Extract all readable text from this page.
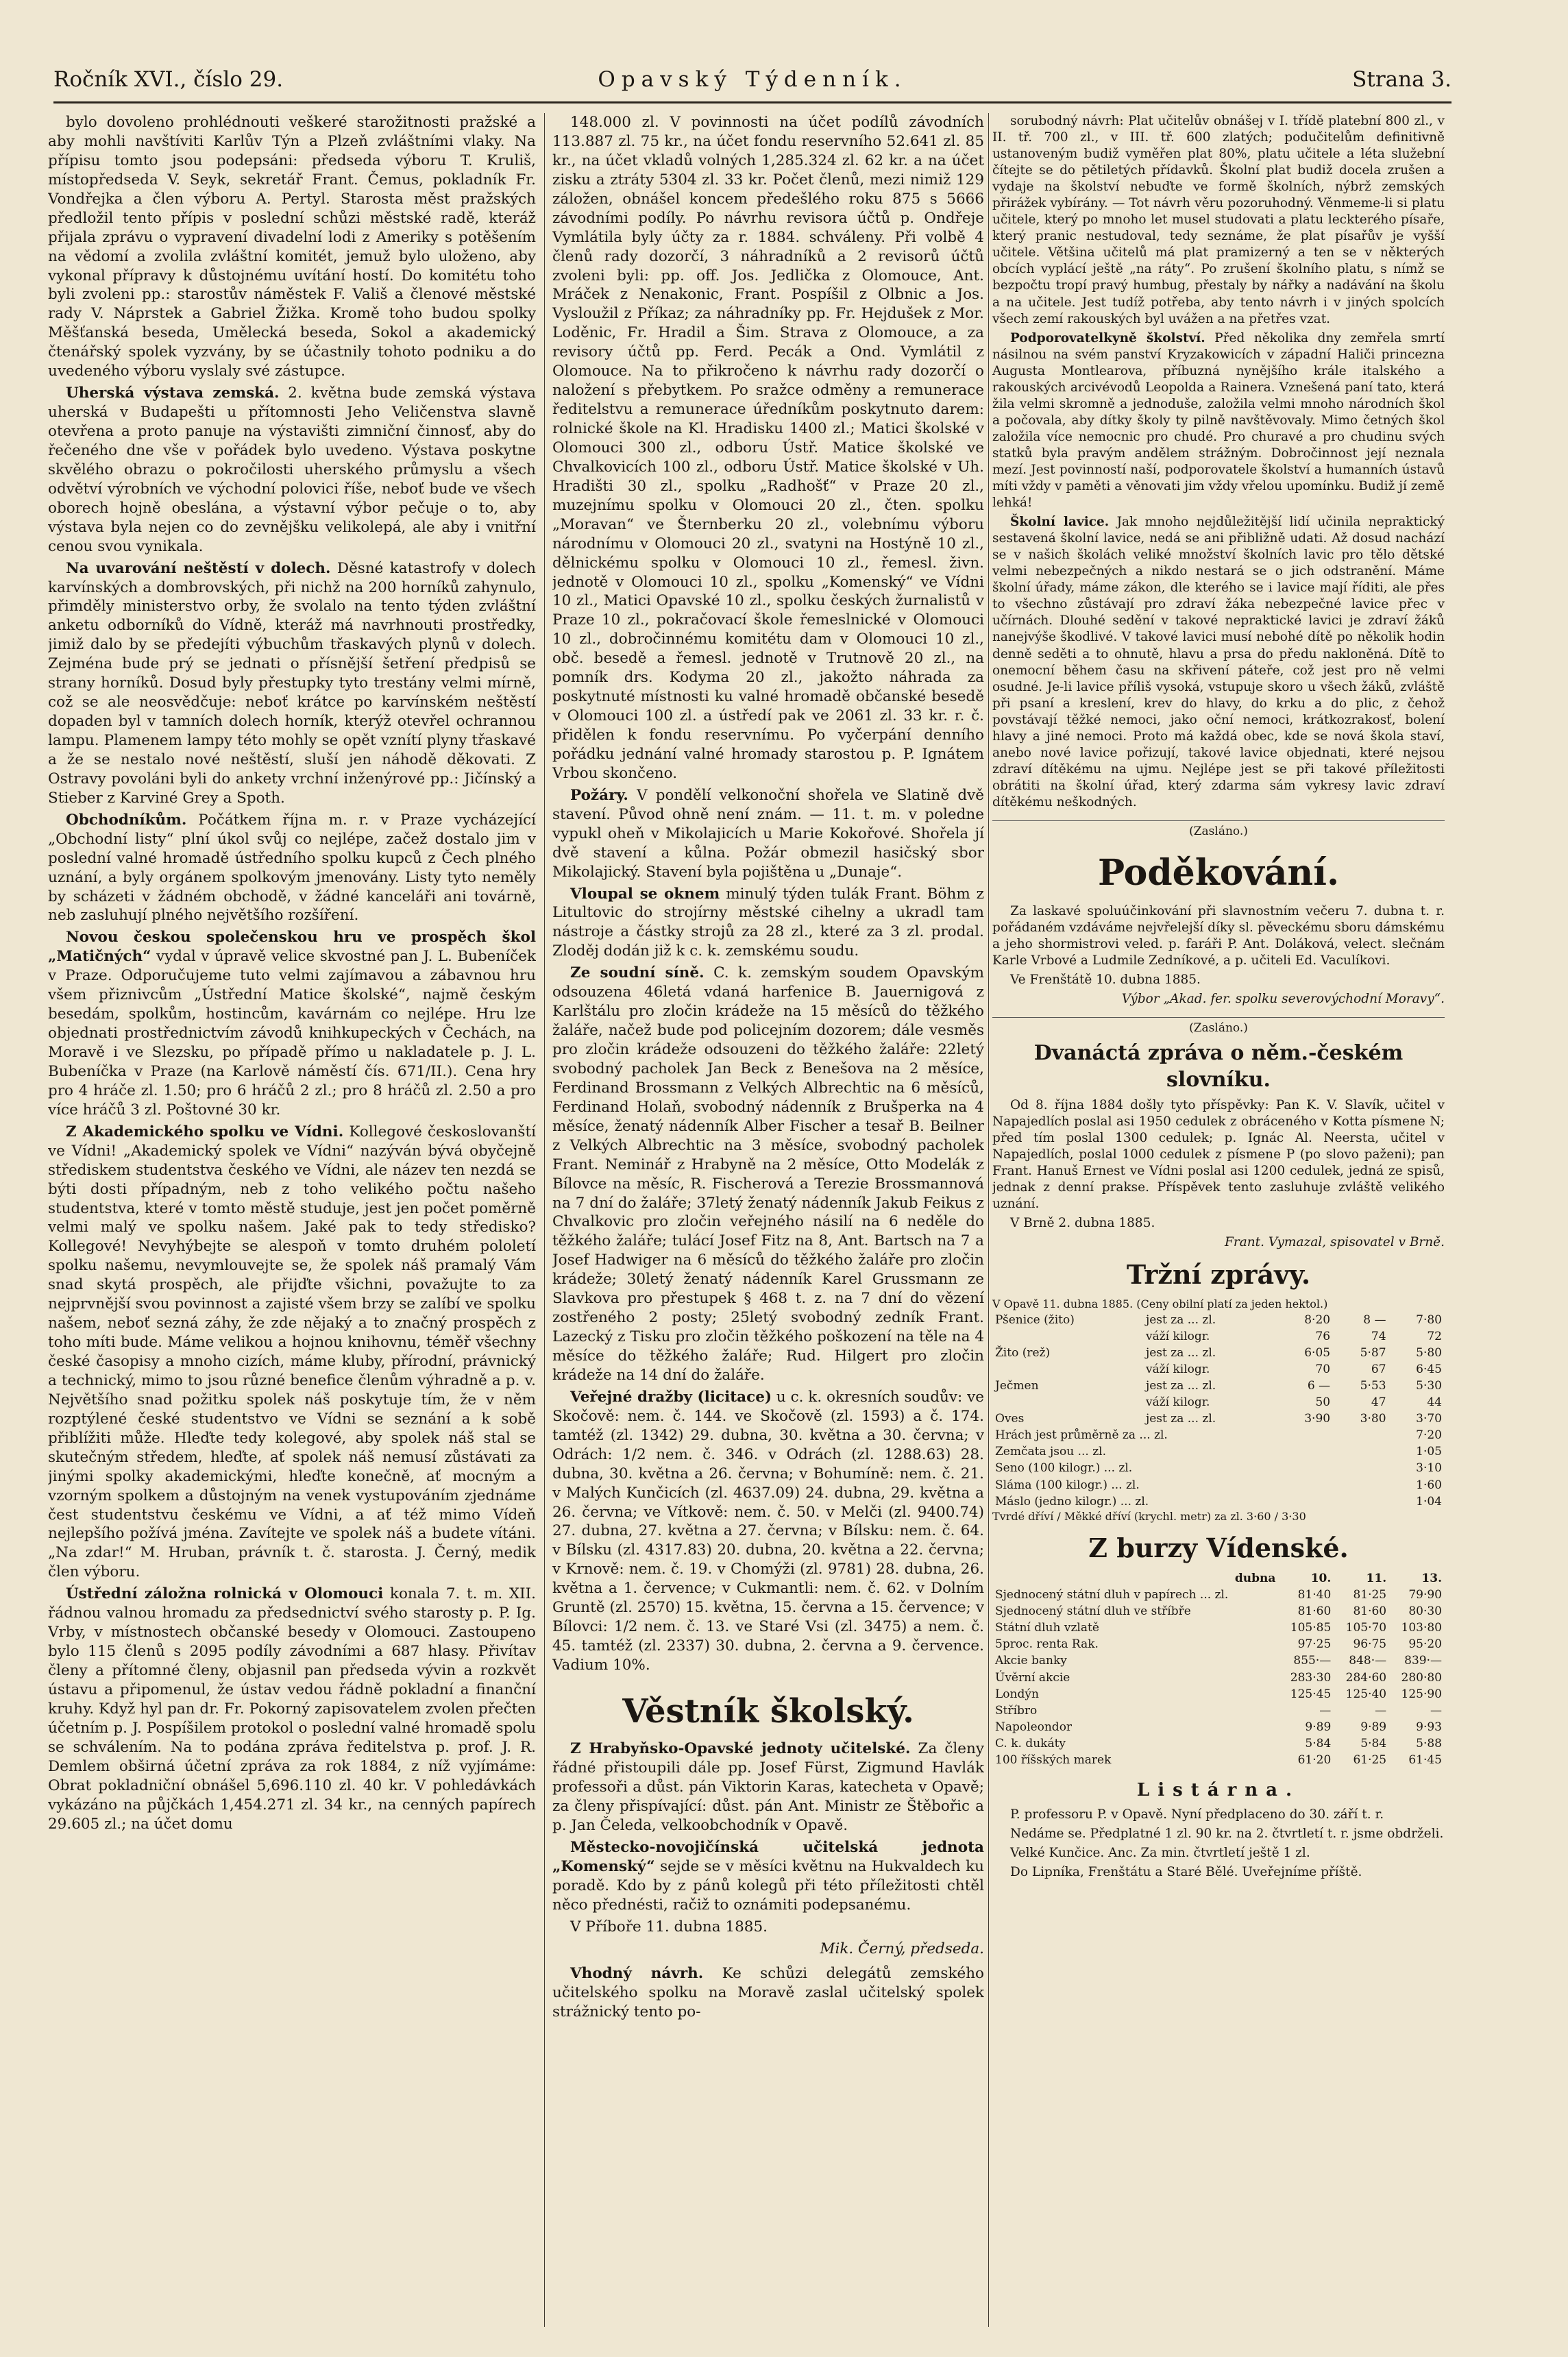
Ročník XVI., číslo 29.	Opavský Týdenník.	Strana 3.

bylo dovoleno prohlédnouti veškeré starožitnosti pražské a aby mohli navštíviti Karlův Týn a Plzeň zvláštními vlaky. Na přípisu tomto jsou podepsáni: předseda výboru T. Kruliš, místopředseda V. Seyk, sekretář Frant. Čemus, pokladník Fr. Vondřejka a člen výboru A. Pertyl. Starosta měst pražských předložil tento přípis v poslední schůzi městské radě, kteráž přijala zprávu o vypravení divadelní lodi z Ameriky s potěšením na vědomí a zvolila zvláštní komitét, jemuž bylo uloženo, aby vykonal přípravy k důstojnému uvítání hostí. Do komitétu toho byli zvoleni pp.: starostův náměstek F. Vališ a členové městské rady V. Náprstek a Gabriel Žižka. Kromě toho budou spolky Měšťanská beseda, Umělecká beseda, Sokol a akademický čtenářský spolek vyzvány, by se účastnily tohoto podniku a do uvedeného výboru vyslaly své zástupce.

Uherská výstava zemská. 2. května bude zemská výstava uherská v Budapešti u přítomnosti Jeho Veličenstva slavně otevřena a proto panuje na výstavišti zimniční činnosť, aby do řečeného dne vše v pořádek bylo uvedeno. Výstava poskytne skvělého obrazu o pokročilosti uherského průmyslu a všech odvětví výrobních ve východní polovici říše, neboť bude ve všech oborech hojně obeslána, a výstavní výbor pečuje o to, aby výstava byla nejen co do zevnějšku velikolepá, ale aby i vnitřní cenou svou vynikala.

Na uvarování neštěstí v dolech. Děsné katastrofy v dolech karvínských a dombrovských, při nichž na 200 horníků zahynulo, přimděly ministerstvo orby, že svolalo na tento týden zvláštní anketu odborníků do Vídně, kteráž má navrhnouti prostředky, jimiž dalo by se předejíti výbuchům třaskavých plynů v dolech. Zejména bude prý se jednati o přísnější šetření předpisů se strany horníků. Dosud byly přestupky tyto trestány velmi mírně, což se ale neosvědčuje: neboť krátce po karvínském neštěstí dopaden byl v tamních dolech horník, kterýž otevřel ochrannou lampu. Plamenem lampy této mohly se opět vznítí plyny třaskavé a že se nestalo nové neštěstí, sluší jen náhodě děkovati. Z Ostravy povoláni byli do ankety vrchní inženýrové pp.: Jičínský a Stieber z Karviné Grey a Spoth.

Obchodníkům. Počátkem října m. r. v Praze vycházející „Obchodní listy“ plní úkol svůj co nejlépe, začež dostalo jim v poslední valné hromadě ústředního spolku kupců z Čech plného uznání, a byly orgánem spolkovým jmenovány. Listy tyto neměly by scházeti v žádném obchodě, v žádné kanceláři ani továrně, neb zasluhují plného největšího rozšíření.

Novou českou společenskou hru ve prospěch škol „Matičných“ vydal v úpravě velice skvostné pan J. L. Bubeníček v Praze. Odporučujeme tuto velmi zajímavou a zábavnou hru všem přiznivcům „Ústřední Matice školské“, najmě českým besedám, spolkům, hostincům, kavárnám co nejlépe. Hru lze objednati prostřednictvím závodů knihkupeckých v Čechách, na Moravě i ve Slezsku, po případě přímo u nakladatele p. J. L. Bubeníčka v Praze (na Karlově náměstí čís. 671/II.). Cena hry pro 4 hráče zl. 1.50; pro 6 hráčů 2 zl.; pro 8 hráčů zl. 2.50 a pro více hráčů 3 zl. Poštovné 30 kr.

Z Akademického spolku ve Vídni. Kollegové českoslovanští ve Vídni! „Akademický spolek ve Vídni“ nazýván bývá obyčejně střediskem studentstva českého ve Vídni, ale název ten nezdá se býti dosti případným, neb z toho velikého počtu našeho studentstva, které v tomto městě studuje, jest jen počet poměrně velmi malý ve spolku našem. Jaké pak to tedy středisko? Kollegové! Nevyhýbejte se alespoň v tomto druhém pololetí spolku našemu, nevymlouvejte se, že spolek náš pramalý Vám snad skytá prospěch, ale přijďte všichni, považujte to za nejprvnější svou povinnost a zajisté všem brzy se zalíbí ve spolku našem, neboť sezná záhy, že zde nějaký a to značný prospěch z toho míti bude. Máme velikou a hojnou knihovnu, téměř všechny české časopisy a mnoho cizích, máme kluby, přírodní, právnický a technický, mimo to jsou různé benefice členům výhradně a p. v. Největšího snad požitku spolek náš poskytuje tím, že v něm rozptýlené české studentstvo ve Vídni se seznání a k sobě přiblížiti může. Hleďte tedy kolegové, aby spolek náš stal se skutečným středem, hleďte, ať spolek náš nemusí zůstávati za jinými spolky akademickými, hleďte konečně, ať mocným a vzorným spolkem a důstojným na venek vystupováním zjednáme čest studentstvu českému ve Vídni, a ať též mimo Vídeň nejlepšího požívá jména. Zavítejte ve spolek náš a budete vítáni. „Na zdar!“ M. Hruban, právník t. č. starosta. J. Černý, medik člen výboru.

Ústřední záložna rolnická v Olomouci konala 7. t. m. XII. řádnou valnou hromadu za předsednictví svého starosty p. P. Ig. Vrby, v místnostech občanské besedy v Olomouci. Zastoupeno bylo 115 členů s 2095 podíly závodními a 687 hlasy. Přivítav členy a přítomné členy, objasnil pan předseda vývin a rozkvět ústavu a připomenul, že ústav vedou řádně pokladní a finanční kruhy. Když hyl pan dr. Fr. Pokorný zapisovatelem zvolen přečten účetním p. J. Pospíšilem protokol o poslední valné hromadě spolu se schválením. Na to podána zpráva ředitelstva p. prof. J. R. Demlem obširná účetní zpráva za rok 1884, z níž vyjímáme: Obrat pokladniční obnášel 5,696.110 zl. 40 kr. V pohledávkách vykázáno na půjčkách 1,454.271 zl. 34 kr., na cenných papírech 29.605 zl.; na účet domu

148.000 zl. V povinnosti na účet podílů závodních 113.887 zl. 75 kr., na účet fondu reservního 52.641 zl. 85 kr., na účet vkladů volných 1,285.324 zl. 62 kr. a na účet zisku a ztráty 5304 zl. 33 kr. Počet členů, mezi nimiž 129 záložen, obnášel koncem předešlého roku 875 s 5666 závodními podíly. Po návrhu revisora účtů p. Ondřeje Vymlátila byly účty za r. 1884. schváleny. Při volbě 4 členů rady dozorčí, 3 náhradníků a 2 revisorů účtů zvoleni byli: pp. off. Jos. Jedlička z Olomouce, Ant. Mráček z Nenakonic, Frant. Pospíšil z Olbnic a Jos. Vysloužil z Příkaz; za náhradníky pp. Fr. Hejdušek z Mor. Loděnic, Fr. Hradil a Šim. Strava z Olomouce, a za revisory účtů pp. Ferd. Pecák a Ond. Vymlátil z Olomouce. Na to přikročeno k návrhu rady dozorčí o naložení s přebytkem. Po sražce odměny a remunerace ředitelstvu a remunerace úředníkům poskytnuto darem: rolnické škole na Kl. Hradisku 1400 zl.; Matici školské v Olomouci 300 zl., odboru Ústř. Matice školské ve Chvalkovicích 100 zl., odboru Ústř. Matice školské v Uh. Hradišti 30 zl., spolku „Radhošť“ v Praze 20 zl., muzejnímu spolku v Olomouci 20 zl., čten. spolku „Moravan“ ve Šternberku 20 zl., volebnímu výboru národnímu v Olomouci 20 zl., svatyni na Hostýně 10 zl., dělnickému spolku v Olomouci 10 zl., řemesl. živn. jednotě v Olomouci 10 zl., spolku „Komenský“ ve Vídni 10 zl., Matici Opavské 10 zl., spolku českých žurnalistů v Praze 10 zl., pokračovací škole řemeslnické v Olomouci 10 zl., dobročinnému komitétu dam v Olomouci 10 zl., obč. besedě a řemesl. jednotě v Trutnově 20 zl., na pomník drs. Kodyma 20 zl., jakožto náhrada za poskytnuté místnosti ku valné hromadě občanské besedě v Olomouci 100 zl. a ústředí pak ve 2061 zl. 33 kr. r. č. přidělen k fondu reservnímu. Po vyčerpání denního pořádku jednání valné hromady starostou p. P. Ignátem Vrbou skončeno.

Požáry. V pondělí velkonoční shořela ve Slatině dvě stavení. Původ ohně není znám. — 11. t. m. v poledne vypukl oheň v Mikolajicích u Marie Kokořové. Shořela jí dvě stavení a kůlna. Požár obmezil hasičský sbor Mikolajický. Stavení byla pojištěna u „Dunaje“.

Vloupal se oknem minulý týden tulák Frant. Böhm z Litultovic do strojírny městské cihelny a ukradl tam nástroje a částky strojů za 28 zl., které za 3 zl. prodal. Zloděj dodán již k c. k. zemskému soudu.

Ze soudní síně. C. k. zemským soudem Opavským odsouzena 46letá vdaná harfenice B. Jauernigová z Karlštálu pro zločin krádeže na 15 měsíců do těžkého žaláře, načež bude pod policejním dozorem; dále vesměs pro zločin krádeže odsouzeni do těžkého žaláře: 22letý svobodný pacholek Jan Beck z Benešova na 2 měsíce, Ferdinand Brossmann z Velkých Albrechtic na 6 měsíců, Ferdinand Holaň, svobodný nádenník z Brušperka na 4 měsíce, ženatý nádenník Alber Fischer a tesař B. Beilner z Velkých Albrechtic na 3 měsíce, svobodný pacholek Frant. Neminář z Hrabyně na 2 měsíce, Otto Modelák z Bílovce na měsíc, R. Fischerová a Terezie Brossmannová na 7 dní do žaláře; 37letý ženatý nádenník Jakub Feikus z Chvalkovic pro zločin veřejného násilí na 6 neděle do těžkého žaláře; tulácí Josef Fitz na 8, Ant. Bartsch na 7 a Josef Hadwiger na 6 měsíců do těžkého žaláře pro zločin krádeže; 30letý ženatý nádenník Karel Grussmann ze Slavkova pro přestupek § 468 t. z. na 7 dní do vězení zostřeného 2 posty; 25letý svobodný zedník Frant. Lazecký z Tisku pro zločin těžkého poškození na těle na 4 měsíce do těžkého žaláře; Rud. Hilgert pro zločin krádeže na 14 dní do žaláře.

Veřejné dražby (licitace) u c. k. okresních soudův: ve Skočově: nem. č. 144. ve Skočově (zl. 1593) a č. 174. tamtéž (zl. 1342) 29. dubna, 30. května a 30. června; v Odrách: 1/2 nem. č. 346. v Odrách (zl. 1288.63) 28. dubna, 30. května a 26. června; v Bohumíně: nem. č. 21. v Malých Kunčicích (zl. 4637.09) 24. dubna, 29. května a 26. června; ve Vítkově: nem. č. 50. v Melči (zl. 9400.74) 27. dubna, 27. května a 27. června; v Bílsku: nem. č. 64. v Bílsku (zl. 4317.83) 20. dubna, 20. května a 22. června; v Krnově: nem. č. 19. v Chomýži (zl. 9781) 28. dubna, 26. května a 1. července; v Cukmantli: nem. č. 62. v Dolním Gruntě (zl. 2570) 15. května, 15. června a 15. července; v Bílovci: 1/2 nem. č. 13. ve Staré Vsi (zl. 3475) a nem. č. 45. tamtéž (zl. 2337) 30. dubna, 2. června a 9. července. Vadium 10%.

Věstník školský.

Z Hrabyňsko-Opavské jednoty učitelské. Za členy řádné přistoupili dále pp. Josef Fürst, Zigmund Havlák professoři a důst. pán Viktorin Karas, katecheta v Opavě; za členy přispívající: důst. pán Ant. Ministr ze Štěbořic a p. Jan Čeleda, velkoobchodník v Opavě.

Městecko-novojičínská učitelská jednota „Komenský“ sejde se v měsíci květnu na Hukvaldech ku poradě. Kdo by z pánů kolegů při této příležitosti chtěl něco přednésti, račiž to oznámiti podepsanému.

V Příboře 11. dubna 1885.

Mik. Černý, předseda.

Vhodný návrh. Ke schůzi delegátů zemského učitelského spolku na Moravě zaslal učitelský spolek strážnický tento po-

sorubodný návrh: Plat učitelův obnášej v I. třídě platební 800 zl., v II. tř. 700 zl., v III. tř. 600 zlatých; podučitelům definitivně ustanoveným budiž vyměřen plat 80%, platu učitele a léta služební čítejte se do pětiletých přídavků. Školní plat budiž docela zrušen a vydaje na školství nebuďte ve formě školních, nýbrž zemských přirážek vybírány. — Tot návrh věru pozoruhodný. Věnmeme-li si platu učitele, který po mnoho let musel studovati a platu leckterého písaře, který pranic nestudoval, tedy seznáme, že plat písařův je vyšší učitele. Většina učitelů má plat pramizerný a ten se v některých obcích vyplácí ještě „na ráty“. Po zrušení školního platu, s nímž se bezpočtu tropí pravý humbug, přestaly by nářky a nadávání na školu a na učitele. Jest tudíž potřeba, aby tento návrh i v jiných spolcích všech zemí rakouských byl uvážen a na přetřes vzat.

Podporovatelkyně školství. Před několika dny zemřela smrtí násilnou na svém panství Kryzakowicích v západní Haliči princezna Augusta Montlearova, příbuzná nynějšího krále italského a rakouských arcivévodů Leopolda a Rainera. Vznešená paní tato, která žila velmi skromně a jednoduše, založila velmi mnoho národních škol a počovala, aby dítky školy ty pilně navštěvovaly. Mimo četných škol založila více nemocnic pro chudé. Pro churavé a pro chudinu svých statků byla pravým andělem strážným. Dobročinnost její neznala mezí. Jest povinností naší, podporovatele školství a humanních ústavů míti vždy v paměti a věnovati jim vždy vřelou upomínku. Budiž jí země lehká!

Školní lavice. Jak mnoho nejdůležitější lidí učinila nepraktický sestavená školní lavice, nedá se ani přibližně udati. Až dosud nachází se v našich školách veliké množství školních lavic pro tělo dětské velmi nebezpečných a nikdo nestará se o jich odstranění. Máme školní úřady, máme zákon, dle kterého se i lavice mají říditi, ale přes to všechno zůstávají pro zdraví žáka nebezpečné lavice přec v učírnách. Dlouhé sedění v takové nepraktické lavici je zdraví žáků nanejvýše škodlivé. V takové lavici musí nebohé dítě po několik hodin denně seděti a to ohnutě, hlavu a prsa do předu nakloněná. Dítě to onemocní během času na skřivení páteře, což jest pro ně velmi osudné. Je-li lavice příliš vysoká, vstupuje skoro u všech žáků, zvláště při psaní a kreslení, krev do hlavy, do krku a do plic, z čehož povstávají těžké nemoci, jako oční nemoci, krátkozrakosť, bolení hlavy a jiné nemoci. Proto má každá obec, kde se nová škola staví, anebo nové lavice pořizují, takové lavice objednati, které nejsou zdraví dítěkému na ujmu. Nejlépe jest se při takové příležitosti obrátiti na školní úřad, který zdarma sám vykresy lavic zdraví dítěkému neškodných.

(Zasláno.)
Poděkování.

Za laskavé spoluúčinkování při slavnostním večeru 7. dubna t. r. pořádaném vzdáváme nejvřelejší díky sl. pěveckému sboru dámskému a jeho shormistrovi veled. p. faráři P. Ant. Doláková, velect. slečnám Karle Vrbové a Ludmile Zedníkové, a p. učiteli Ed. Vaculíkovi.

Ve Frenštátě 10. dubna 1885.

Výbor „Akad. fer. spolku severovýchodní Moravy“.
(Zasláno.)
Dvanáctá zpráva o něm.-českém slovníku.

Od 8. října 1884 došly tyto příspěvky: Pan K. V. Slavík, učitel v Napajedlích poslal asi 1950 cedulek z obráceného v Kotta písmene N; před tím poslal 1300 cedulek; p. Ignác Al. Neersta, učitel v Napajedlích, poslal 1000 cedulek z písmene P (po slovo paženi); pan Frant. Hanuš Ernest ve Vídni poslal asi 1200 cedulek, jedná ze spisů, jednak z denní prakse. Příspěvek tento zasluhuje zvláště velikého uznání.

V Brně 2. dubna 1885.

Frant. Vymazal, spisovatel v Brně.
Tržní zprávy.
V Opavě 11. dubna 1885. (Ceny obilní platí za jeden hektol.)
Pšenice (žito)	jest za ... zl.	8·20	8 —	7·80
	váží kilogr.	76	74	72
Žito (rež)	jest za ... zl.	6·05	5·87	5·80
	váží kilogr.	70	67	6·45
Ječmen	jest za ... zl.	6 —	5·53	5·30
	váží kilogr.	50	47	44
Oves	jest za ... zl.	3·90	3·80	3·70
Hrách jest průměrně za ... zl.	7·20
Zemčata jsou ... zl.	1·05
Seno (100 kilogr.) ... zl.	3·10
Sláma (100 kilogr.) ... zl.	1·60
Máslo (jedno kilogr.) ... zl.	1·04
Tvrdé dříví / Měkké dříví (krychl. metr) za zl. 3·60 / 3·30
Z burzy Vídenské.
dubna	10.	11.	13.
Sjednocený státní dluh v papírech ... zl.	81·40	81·25	79·90
Sjednocený státní dluh ve stříbře	81·60	81·60	80·30
Státní dluh vzlatě	105·85	105·70	103·80
5proc. renta Rak.	97·25	96·75	95·20
Akcie banky	855·—	848·—	839·—
Úvěrní akcie	283·30	284·60	280·80
Londýn	125·45	125·40	125·90
Stříbro	—	—	—
Napoleondor	9·89	9·89	9·93
C. k. dukáty	5·84	5·84	5·88
100 říšských marek	61·20	61·25	61·45
Listárna.

P. professoru P. v Opavě. Nyní předplaceno do 30. září t. r.

Nedáme se. Předplatné 1 zl. 90 kr. na 2. čtvrtletí t. r. jsme obdrželi.

Velké Kunčice. Anc. Za min. čtvrtletí ještě 1 zl.

Do Lipníka, Frenštátu a Staré Bělé. Uveřejníme příště.
